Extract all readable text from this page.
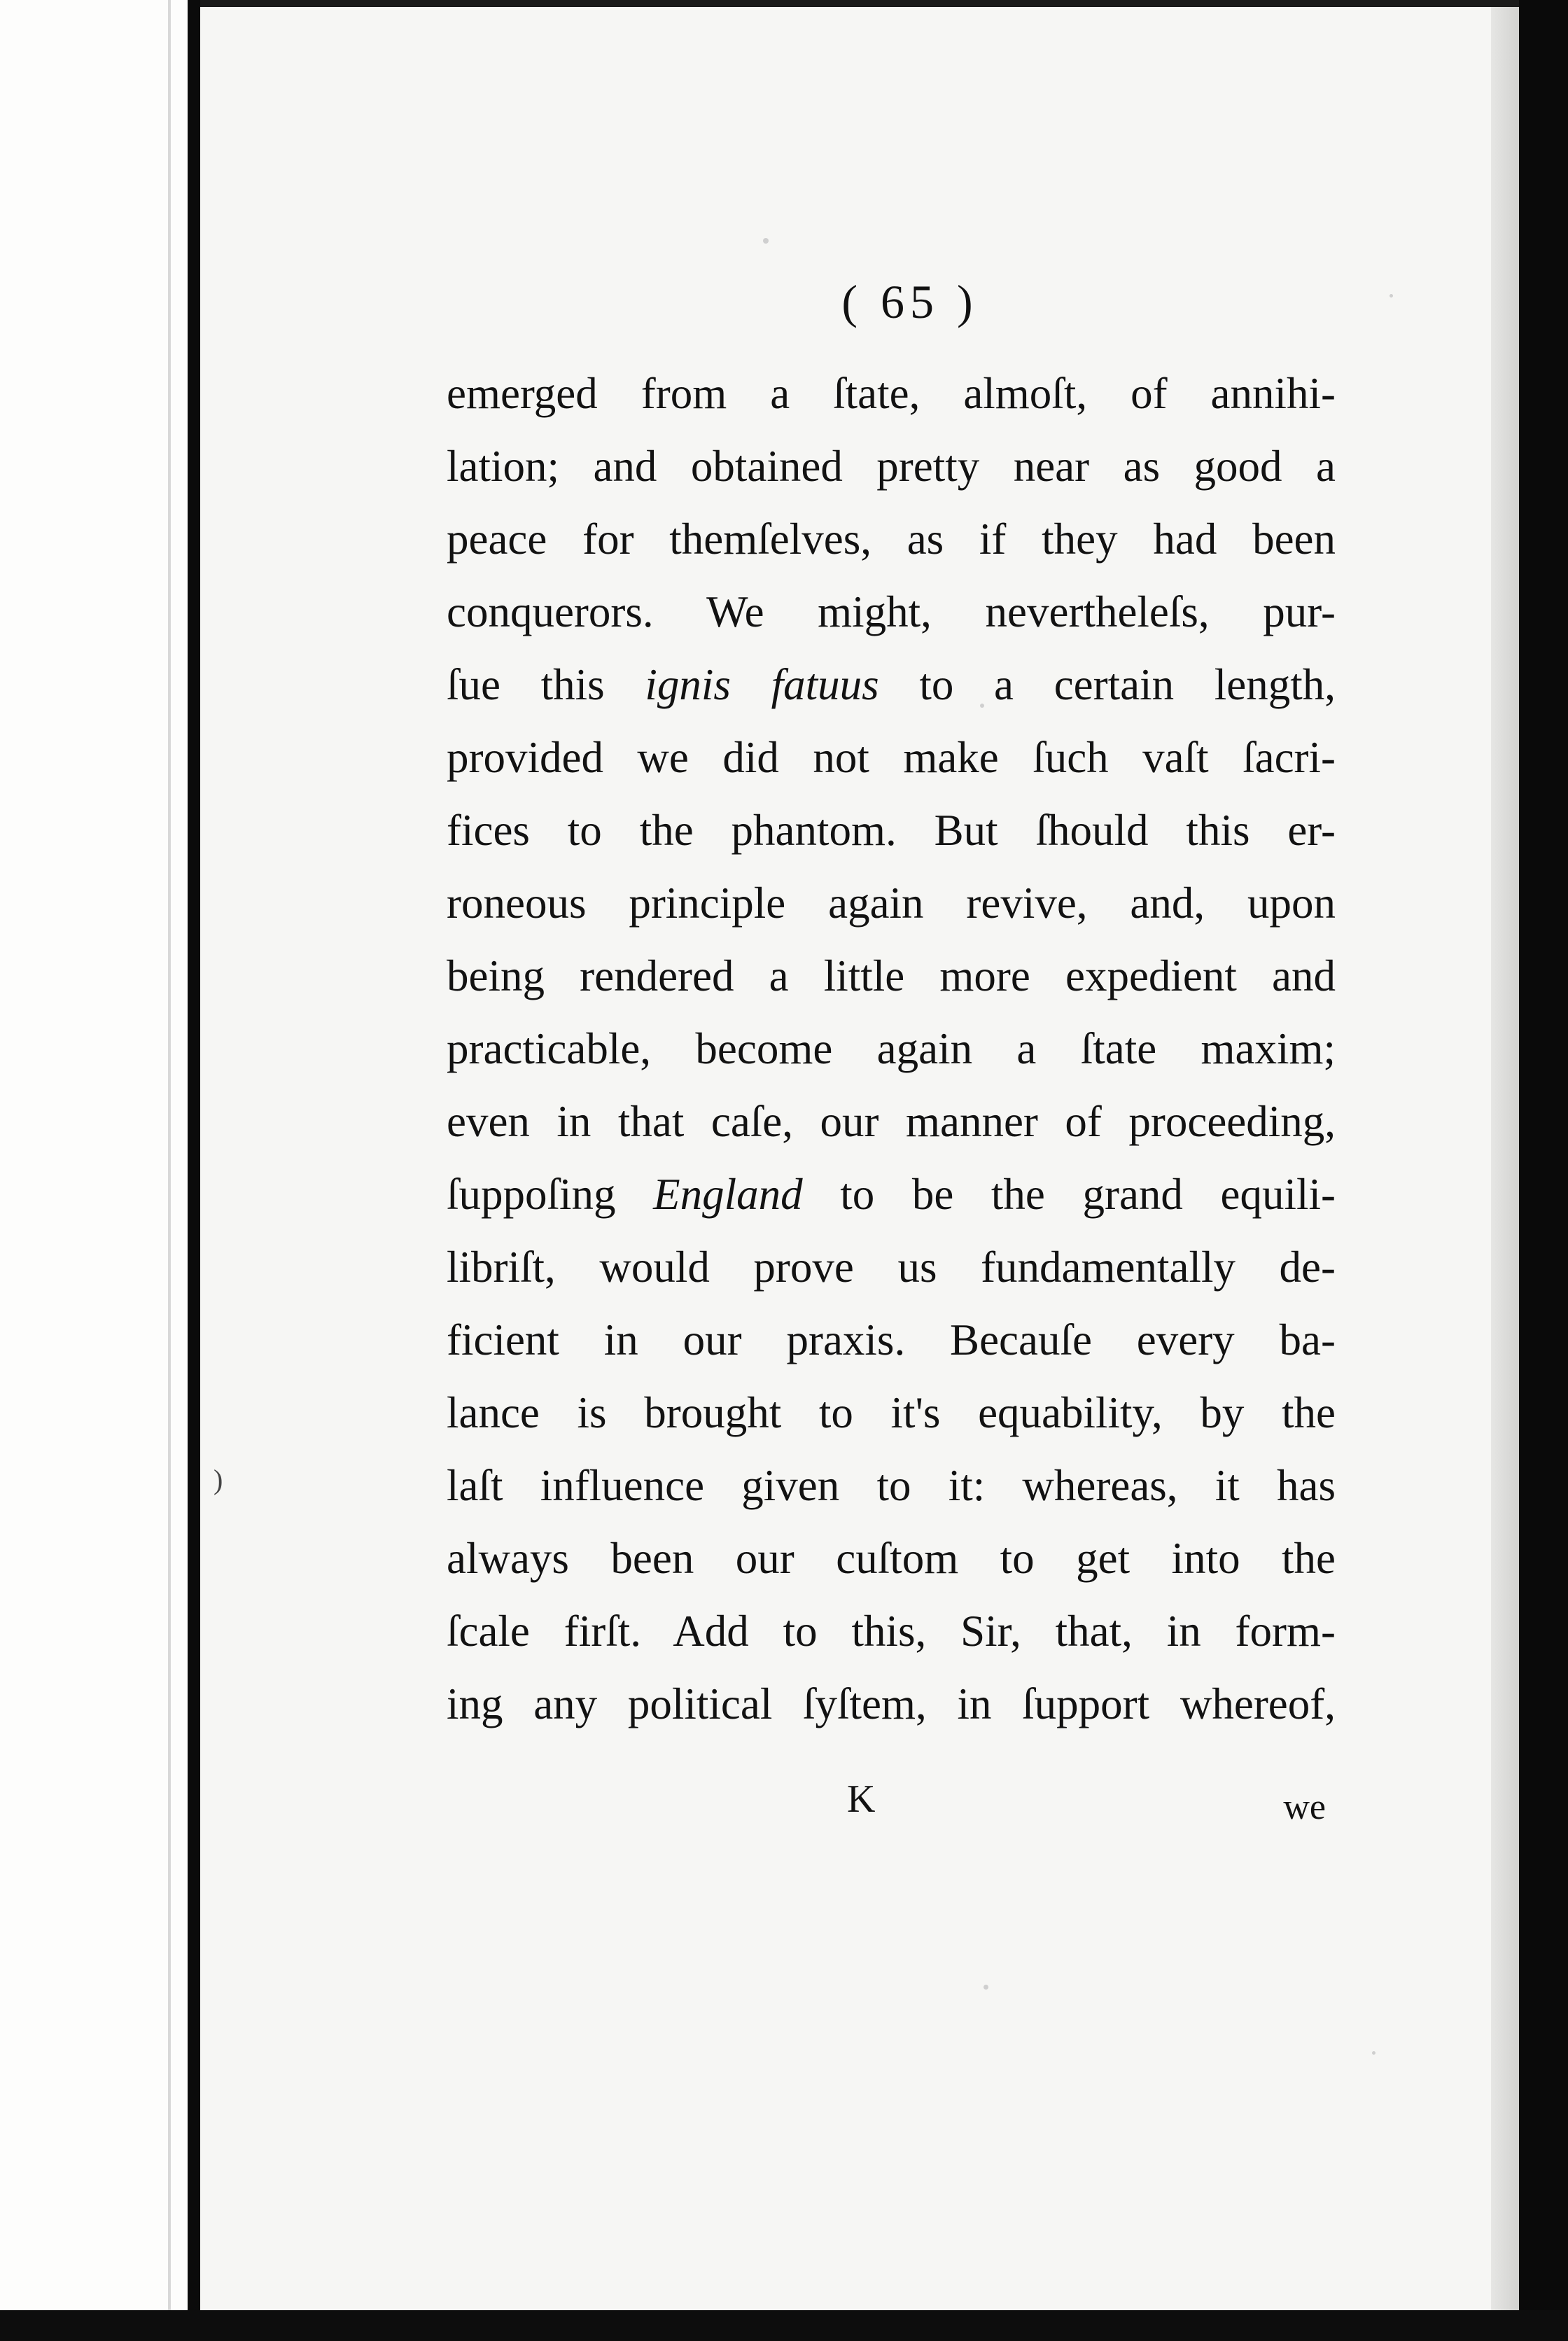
)
( 65 )
emerged from a ſtate, almoſt, of annihi-
lation; and obtained pretty near as good a
peace for themſelves, as if they had been
conquerors. We might, nevertheleſs, pur-
ſue this ignis fatuus to a certain length,
provided we did not make ſuch vaſt ſacri-
fices to the phantom. But ſhould this er-
roneous principle again revive, and, upon
being rendered a little more expedient and
practicable, become again a ſtate maxim;
even in that caſe, our manner of proceeding,
ſuppoſing England to be the grand equili-
libriſt, would prove us fundamentally de-
ficient in our praxis. Becauſe every ba-
lance is brought to it's equability, by the
laſt influence given to it: whereas, it has
always been our cuſtom to get into the
ſcale firſt. Add to this, Sir, that, in form-
ing any political ſyſtem, in ſupport whereof,
K	we
